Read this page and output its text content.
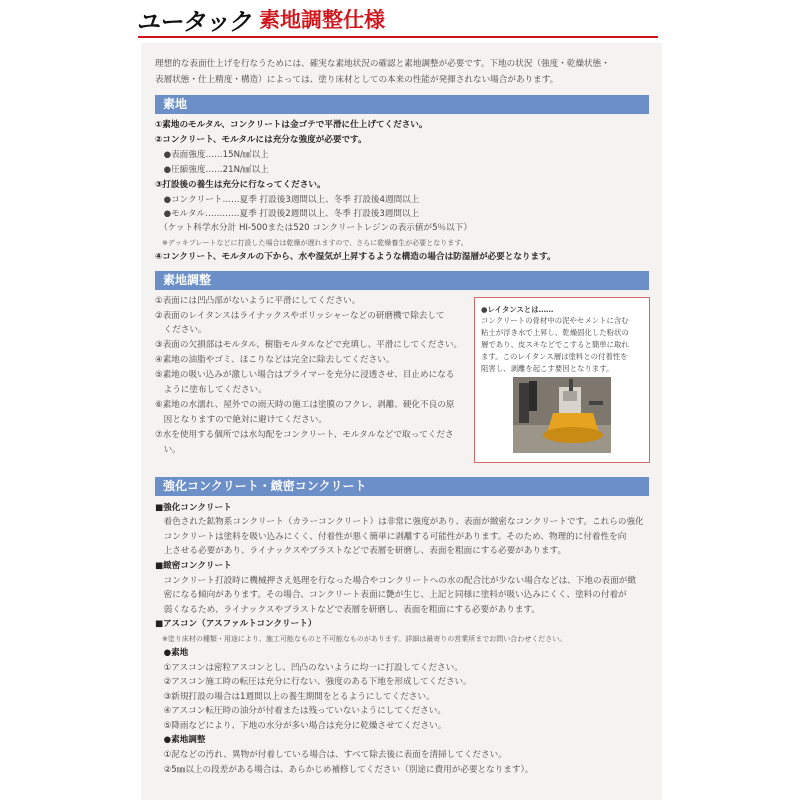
ユータック 素地調整仕様
理想的な表面仕上げを行なうためには、確実な素地状況の確認と素地調整が必要です。下地の状況（強度・乾燥状態・
表層状態・仕上精度・構造）によっては、塗り床材としての本来の性能が発揮されない場合があります。
素地
①素地のモルタル、コンクリートは金ゴテで平滑に仕上げてください。
②コンクリート、モルタルには充分な強度が必要です。
　●表面強度……15N/㎟以上
　●圧縮強度……21N/㎟以上
③打設後の養生は充分に行なってください。
　●コンクリート……夏季 打設後3週間以上、冬季 打設後4週間以上
　●モルタル…………夏季 打設後2週間以上、冬季 打設後3週間以上
　（ケット科学水分計 HI-500または520 コンクリートレジンの表示値が5％以下）
　※デッキプレートなどに打設した場合は乾燥が遅れますので、さらに乾燥養生が必要となります。
④コンクリート、モルタルの下から、水や湿気が上昇するような構造の場合は防湿層が必要となります。
素地調整
①表面には凹凸部がないように平滑にしてください。
②表面のレイタンスはライナックスやポリッシャーなどの研磨機で除去して
　ください。
③表面の欠損部はモルタル、樹脂モルタルなどで充填し、平滑にしてください。
④素地の油脂やゴミ、ほこりなどは完全に除去してください。
⑤素地の吸い込みが激しい場合はプライマーを充分に浸透させ、目止めになる
　ように塗布してください。
⑥素地の水濡れ、屋外での雨天時の施工は塗膜のフクレ、剥離、硬化不良の原
　因となりますので絶対に避けてください。
⑦水を使用する個所では水勾配をコンクリート、モルタルなどで取ってくださ
　い。
●レイタンスとは……
コンクリートの骨材中の泥やセメントに含む
粘土が浮き水で上昇し、乾燥固化した粉状の
層であり、皮スキなどでこすると簡単に取れ
ます。このレイタンス層は塗料との付着性を
阻害し、剥離を起こす要因となります。
強化コンクリート・緻密コンクリート
■強化コンクリート
　着色された鉱物系コンクリート（カラーコンクリート）は非常に強度があり、表面が緻密なコンクリートです。これらの強化
　コンクリートは塗料を吸い込みにくく、付着性が悪く簡単に剥離する可能性があります。そのため、物理的に付着性を向
　上させる必要があり、ライナックスやブラストなどで表層を研磨し、表面を粗面にする必要があります。
■緻密コンクリート
　コンクリート打設時に機械押さえ処理を行なった場合やコンクリートへの水の配合比が少ない場合などは、下地の表面が緻
　密になる傾向があります。その場合、コンクリート表面に艶が生じ、上記と同様に塗料が吸い込みにくく、塗料の付着が
　弱くなるため、ライナックスやブラストなどで表層を研磨し、表面を粗面にする必要があります。
■アスコン（アスファルトコンクリート）
　※塗り床材の種類・用途により、施工可能なものと不可能なものがあります。詳細は最寄りの営業所までお問い合わせください。
　●素地
　①アスコンは密粒アスコンとし、凹凸のないように均一に打設してください。
　②アスコン施工時の転圧は充分に行ない、強度のある下地を形成してください。
　③新規打設の場合は1週間以上の養生期間をとるようにしてください。
　④アスコン転圧時の油分が付着または残っていないようにしてください。
　⑤降雨などにより、下地の水分が多い場合は充分に乾燥させてください。
　●素地調整
　①泥などの汚れ、異物が付着している場合は、すべて除去後に表面を清掃してください。
　②5㎜以上の段差がある場合は、あらかじめ補修してください（別途に費用が必要となります）。
